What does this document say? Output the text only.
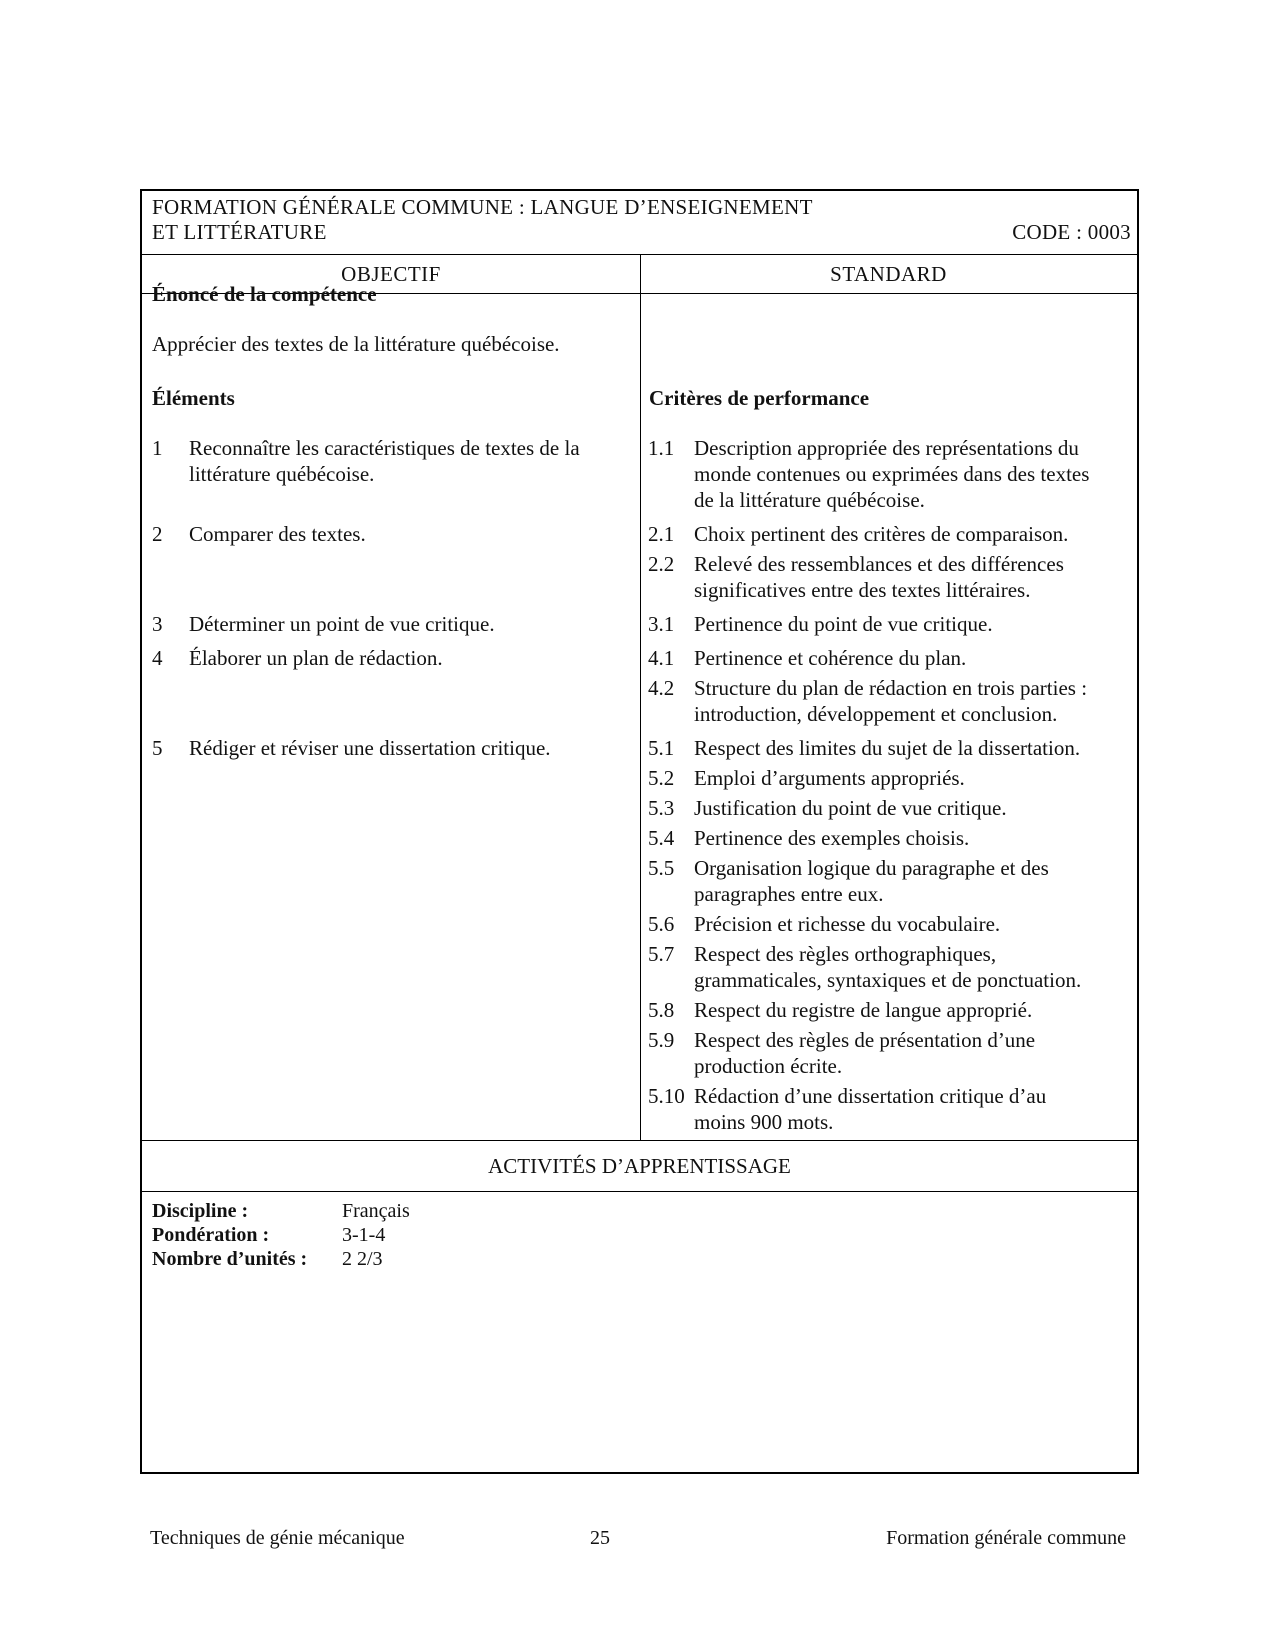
FORMATION GÉNÉRALE COMMUNE : LANGUE D’ENSEIGNEMENT
ET LITTÉRATURE	CODE : 0003
OBJECTIF	STANDARD
Énoncé de la compétence
Apprécier des textes de la littérature québécoise.
Éléments	Critères de performance
1	Reconnaître les caractéristiques de textes de la
littérature québécoise.
1.1 Description appropriée des représentations du
monde contenues ou exprimées dans des textes
de la littérature québécoise.
2	Comparer des textes.	2.1 Choix pertinent des critères de comparaison.
2.2 Relevé des ressemblances et des différences
significatives entre des textes littéraires.
3	Déterminer un point de vue critique.	3.1 Pertinence du point de vue critique.
4	Élaborer un plan de rédaction.	4.1 Pertinence et cohérence du plan.
4.2 Structure du plan de rédaction en trois parties :
introduction, développement et conclusion.
5	Rédiger et réviser une dissertation critique.	5.1 Respect des limites du sujet de la dissertation.
5.2 Emploi d’arguments appropriés.
5.3 Justification du point de vue critique.
5.4 Pertinence des exemples choisis.
5.5 Organisation logique du paragraphe et des
paragraphes entre eux.
5.6 Précision et richesse du vocabulaire.
5.7 Respect des règles orthographiques,
grammaticales, syntaxiques et de ponctuation.
5.8 Respect du registre de langue approprié.
5.9 Respect des règles de présentation d’une
production écrite.
5.10 Rédaction d’une dissertation critique d’au
moins 900 mots.
ACTIVITÉS D’APPRENTISSAGE
Discipline :	Français
Pondération :	3-1-4
Nombre d’unités : 2 2/3
Techniques de génie mécanique	25	Formation générale commune
